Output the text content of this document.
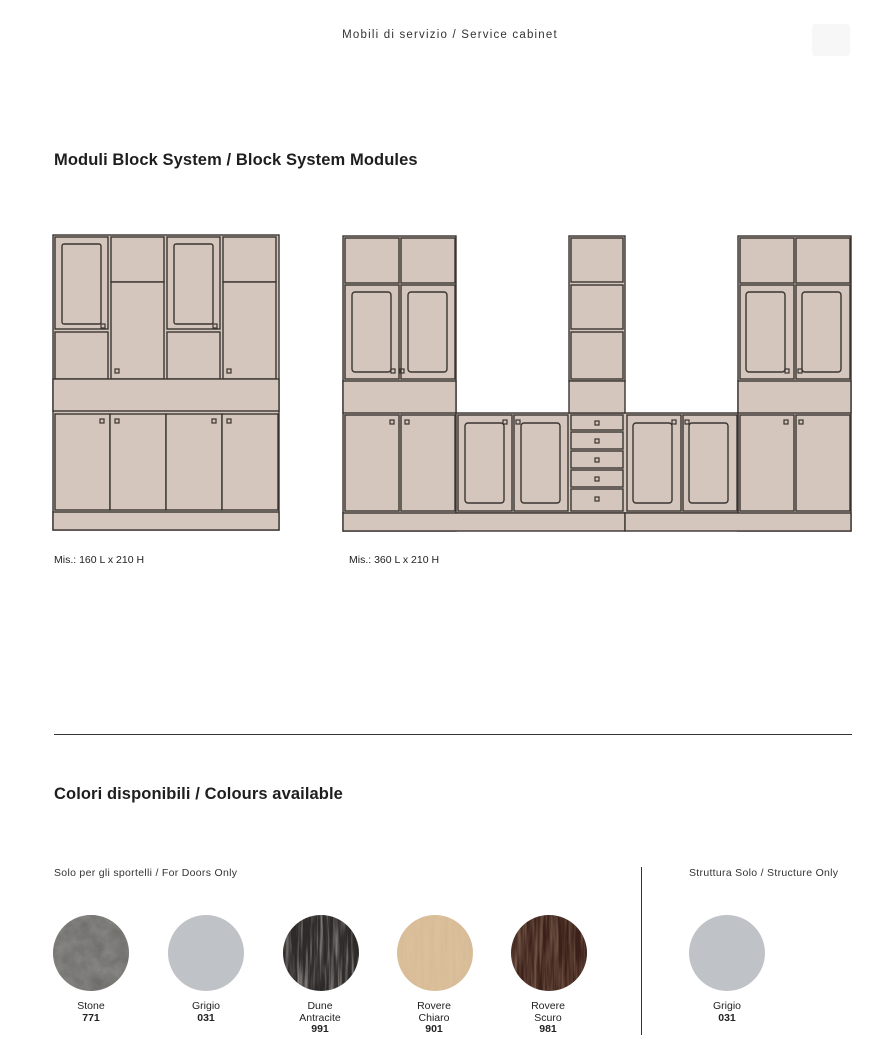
Mobili di servizio / Service cabinet
Moduli Block System / Block System Modules
Mis.: 160 L x 210 H	Mis.: 360 L x 210 H
Colori disponibili / Colours available
Solo per gli sportelli / For Doors Only	Struttura Solo / Structure Only
Stone
771
Grigio
031
Dune
Antracite
991
Rovere
Chiaro
901
Rovere
Scuro
981
Grigio
031
